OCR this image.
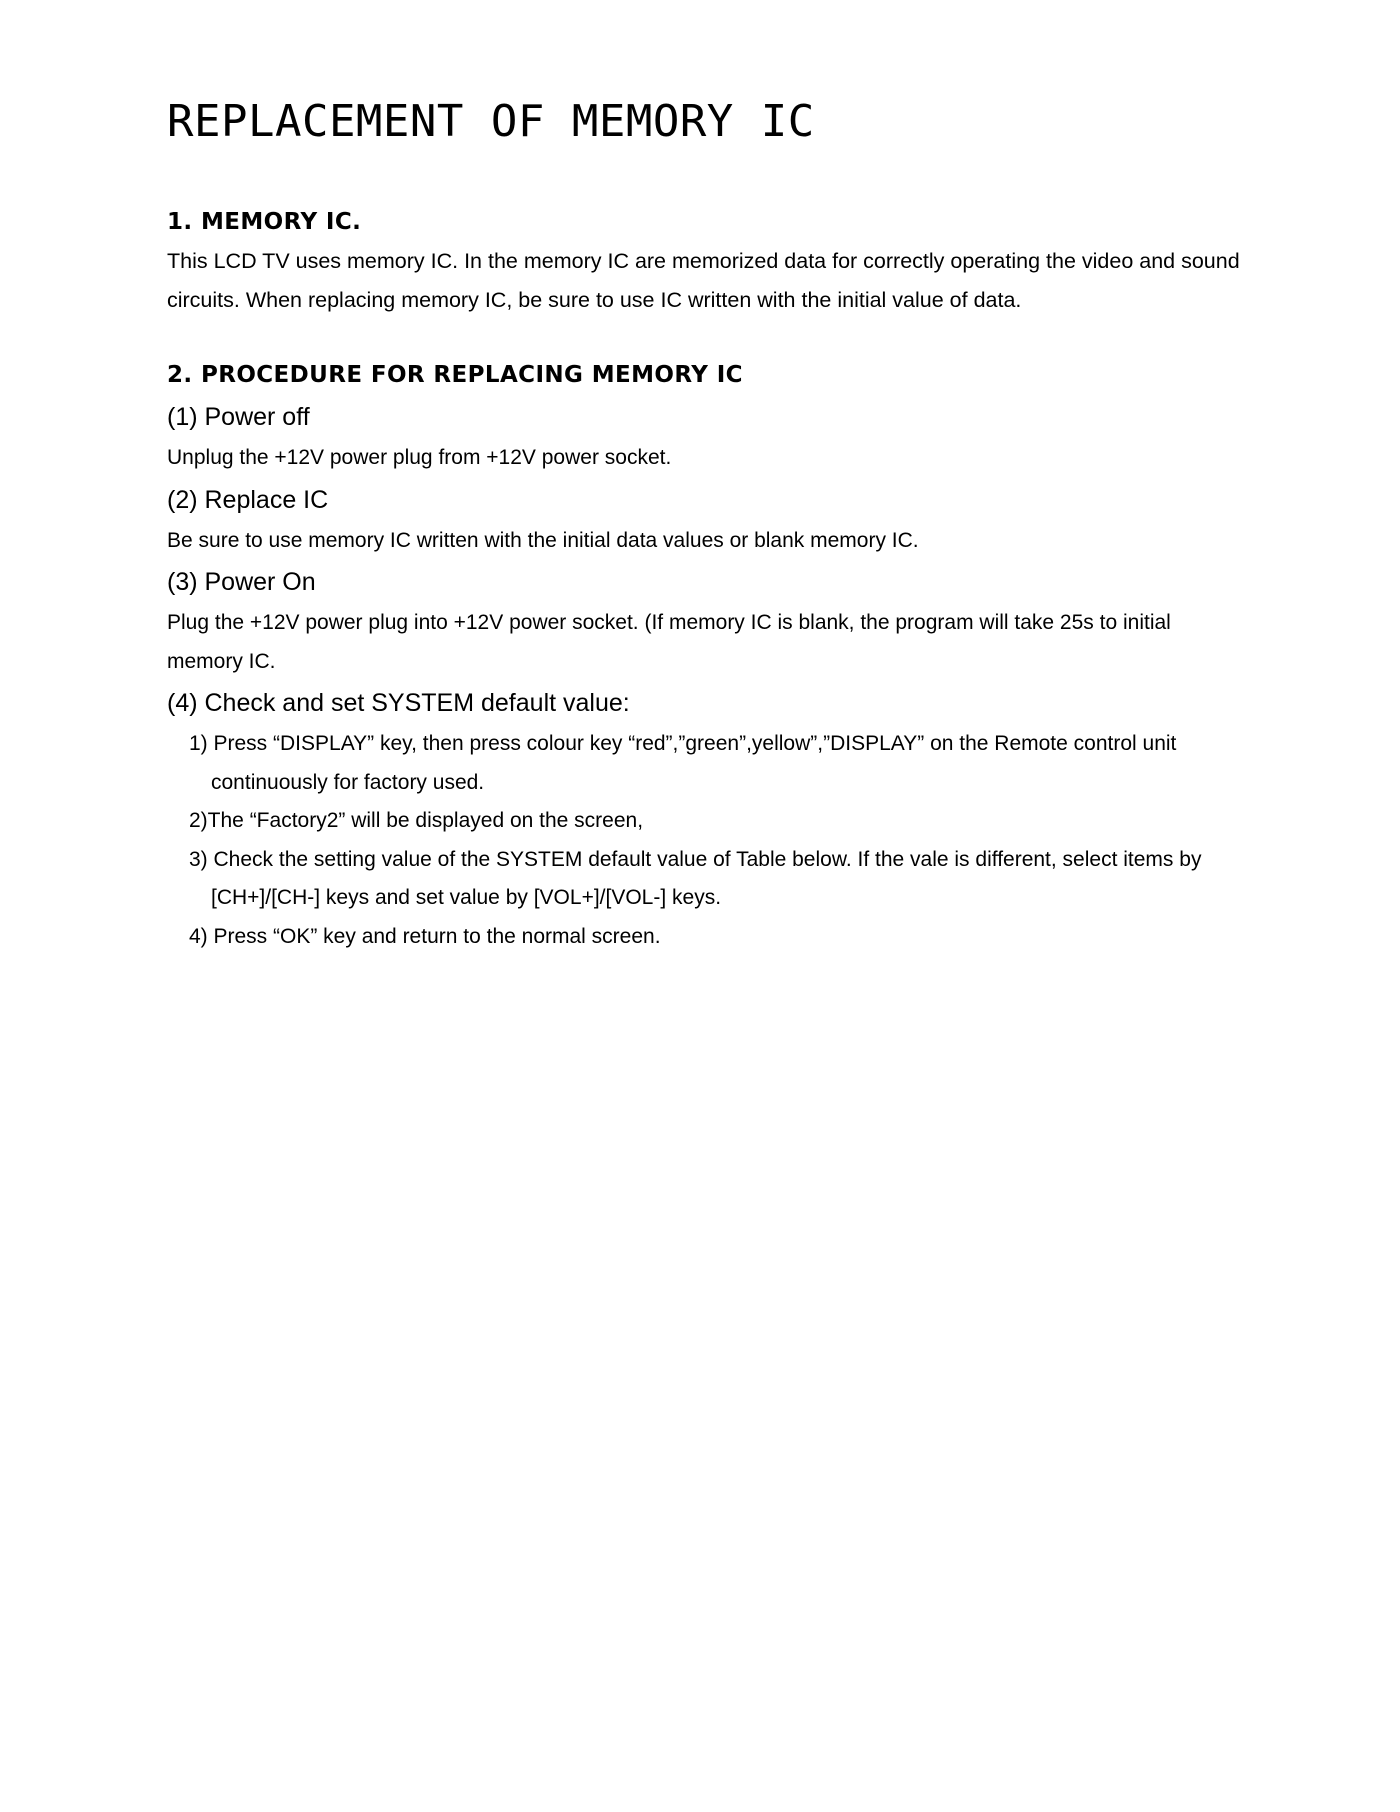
REPLACEMENT OF MEMORY IC
1. MEMORY IC.

This LCD TV uses memory IC. In the memory IC are memorized data for correctly operating the video and sound circuits. When replacing memory IC, be sure to use IC written with the initial value of data.

2. PROCEDURE FOR REPLACING MEMORY IC

(1) Power off

Unplug the +12V power plug from +12V power socket.

(2) Replace IC

Be sure to use memory IC written with the initial data values or blank memory IC.

(3) Power On

Plug the +12V power plug into +12V power socket. (If memory IC is blank, the program will take 25s to initial memory IC.

(4) Check and set SYSTEM default value:

1) Press “DISPLAY” key, then press colour key “red”,”green”,yellow”,”DISPLAY” on the Remote control unit continuously for factory used.
2)The “Factory2” will be displayed on the screen,
3) Check the setting value of the SYSTEM default value of Table below. If the vale is different, select items by [CH+]/[CH-] keys and set value by [VOL+]/[VOL-] keys.
4) Press “OK” key and return to the normal screen.
